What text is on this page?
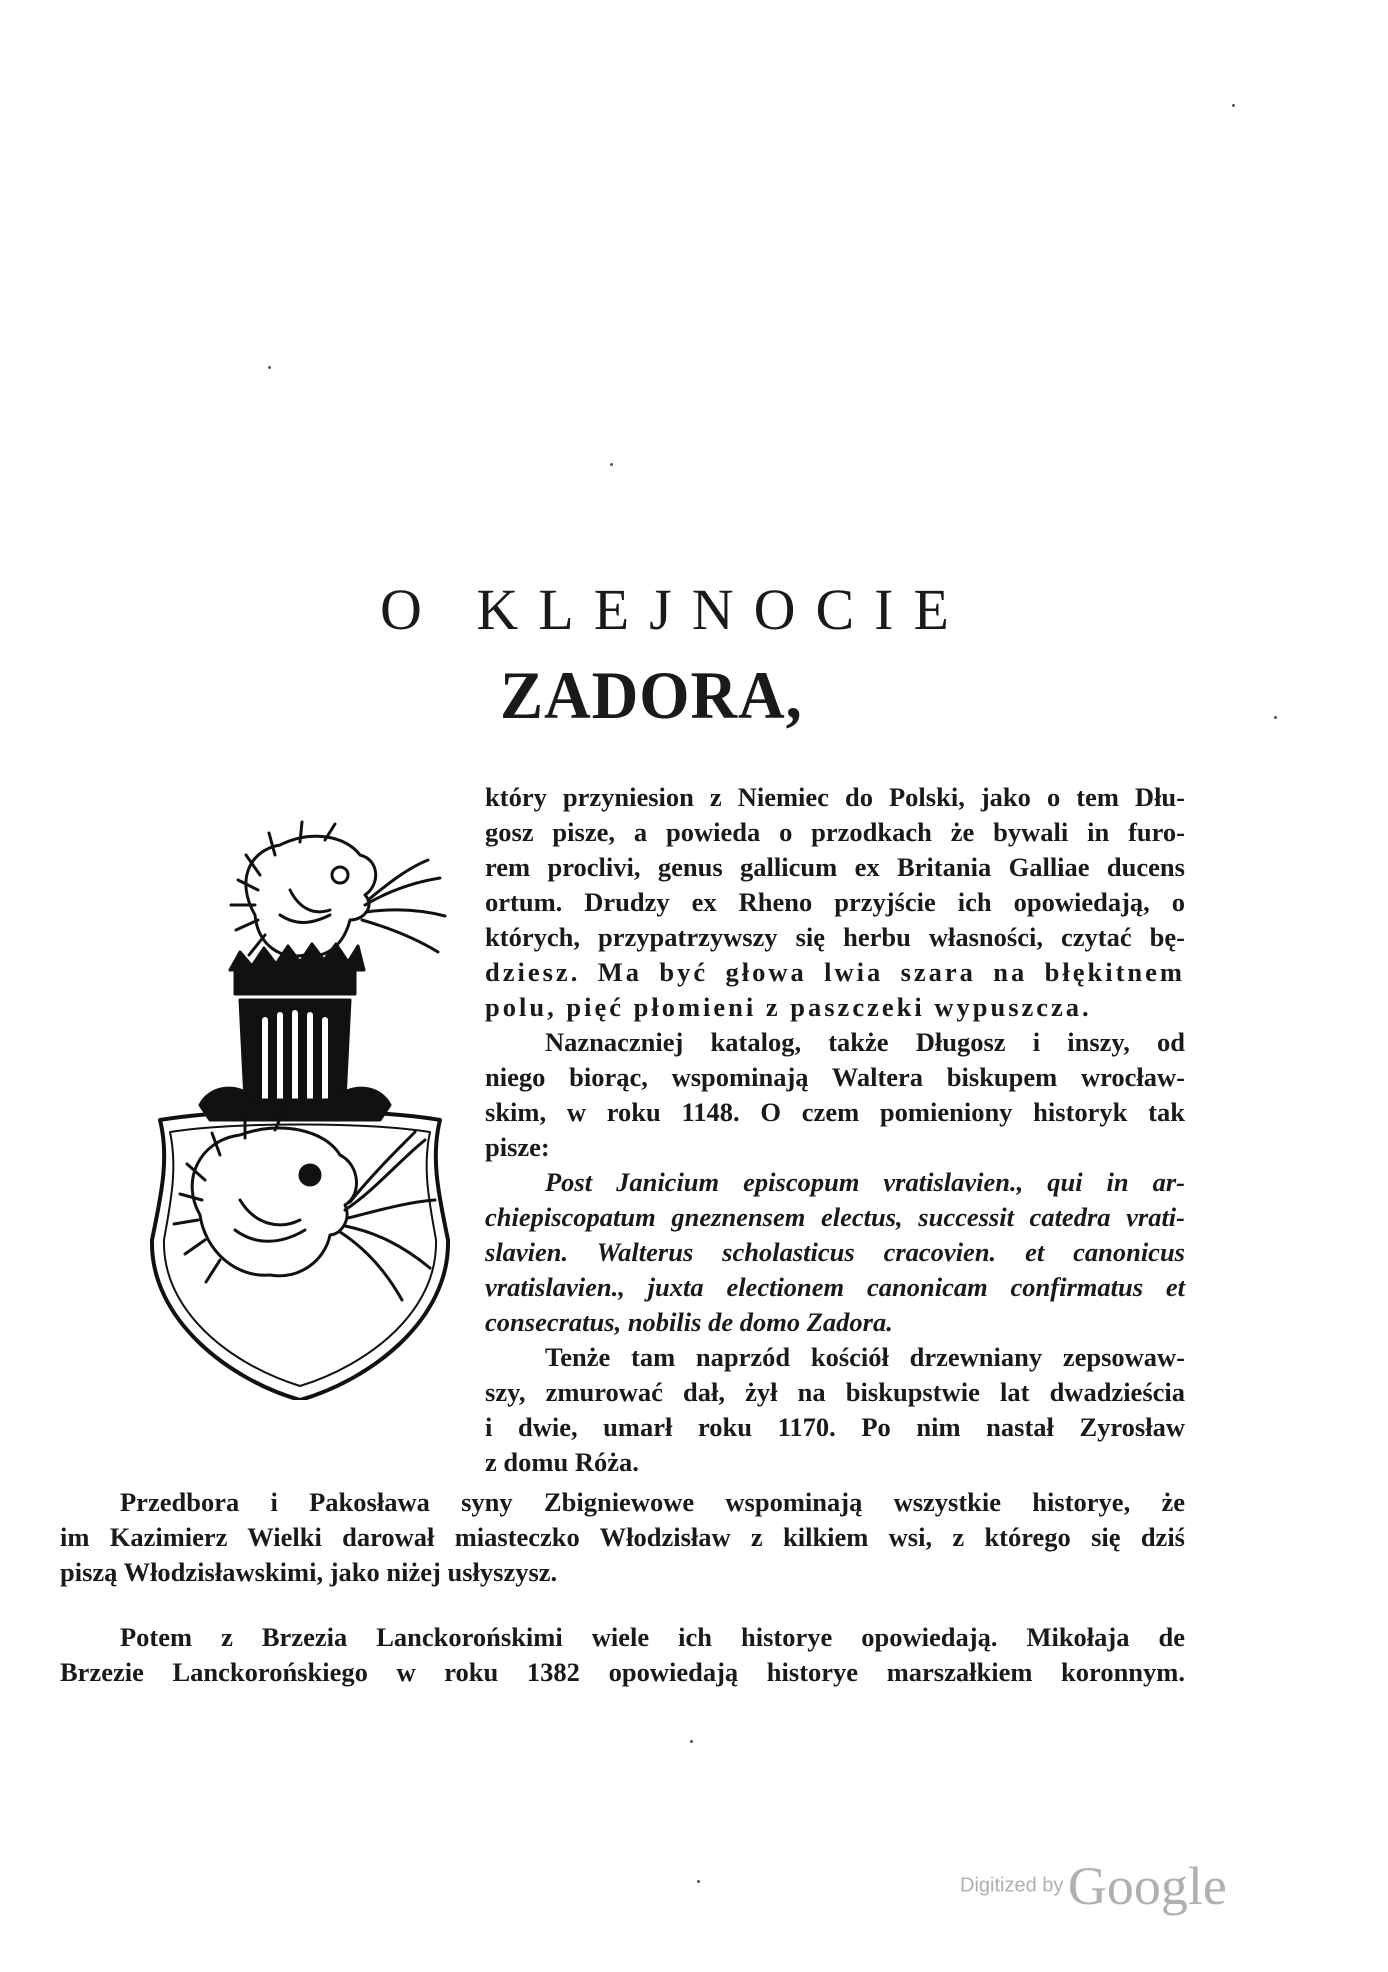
O KLEJNOCIE
ZADORA,

który przyniesion z Niemiec do Polski, jako o tem Dłu-
gosz pisze, a powieda o przodkach że bywali in furo-
rem proclivi, genus gallicum ex Britania Galliae ducens
ortum. Drudzy ex Rheno przyjście ich opowiedają, o
których, przypatrzywszy się herbu własności, czytać bę-
dziesz. Ma być głowa lwia szara na błękitnem
polu, pięć płomieni z paszczeki wypuszcza.

Naznaczniej katalog, także Długosz i inszy, od
niego biorąc, wspominają Waltera biskupem wrocław-
skim, w roku 1148. O czem pomieniony historyk tak
pisze:

Post Janicium episcopum vratislavien., qui in ar-
chiepiscopatum gneznensem electus, successit catedra vrati-
slavien. Walterus scholasticus cracovien. et canonicus
vratislavien., juxta electionem canonicam confirmatus et
consecratus, nobilis de domo Zadora.

Tenże tam naprzód kościół drzewniany zepsowaw-
szy, zmurować dał, żył na biskupstwie lat dwadzieścia
i dwie, umarł roku 1170. Po nim nastał Zyrosław
z domu Róża.

Przedbora i Pakosława syny Zbigniewowe wspominają wszystkie historye, że
im Kazimierz Wielki darował miasteczko Włodzisław z kilkiem wsi, z którego się dziś
piszą Włodzisławskimi, jako niżej usłyszysz.

Potem z Brzezia Lanckorońskimi wiele ich historye opowiedają. Mikołaja de
Brzezie Lanckorońskiego w roku 1382 opowiedają historye marszałkiem koronnym.

Digitized by Google
